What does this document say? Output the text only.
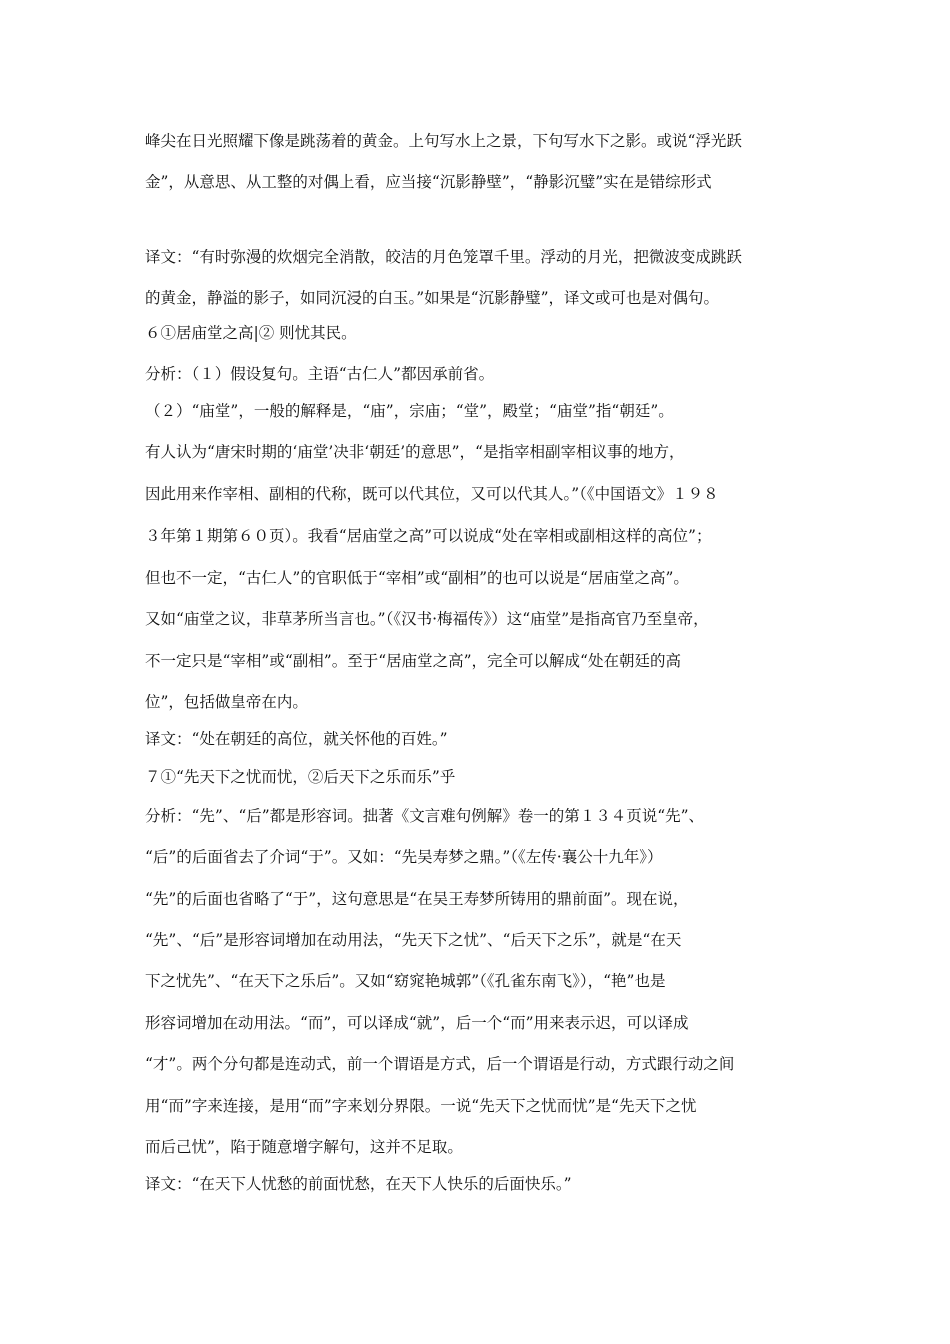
峰尖在日光照耀下像是跳荡着的黄金。上句写水上之景，下句写水下之影。或说“浮光跃

金”，从意思、从工整的对偶上看，应当接“沉影静壁”，“静影沉璧”实在是错综形式

译文：“有时弥漫的炊烟完全消散，皎洁的月色笼罩千里。浮动的月光，把微波变成跳跃

的黄金，静溢的影子，如同沉浸的白玉。”如果是“沉影静璧”，译文或可也是对偶句。

６①居庙堂之高|② 则忧其民。

分析：（１）假设复句。主语“古仁人”都因承前省。

（２）“庙堂”，一般的解释是，“庙”，宗庙；“堂”，殿堂；“庙堂”指“朝廷”。

有人认为“唐宋时期的‘庙堂’决非‘朝廷’的意思”，“是指宰相副宰相议事的地方，

因此用来作宰相、副相的代称，既可以代其位，又可以代其人。”（《中国语文》１９８

３年第１期第６０页）。我看“居庙堂之高”可以说成“处在宰相或副相这样的高位”；

但也不一定，“古仁人”的官职低于“宰相”或“副相”的也可以说是“居庙堂之高”。

又如“庙堂之议，非草茅所当言也。”（《汉书·梅福传》）这“庙堂”是指高官乃至皇帝，

不一定只是“宰相”或“副相”。至于“居庙堂之高”，完全可以解成“处在朝廷的高

位”，包括做皇帝在内。

译文：“处在朝廷的高位，就关怀他的百姓。”

７①“先天下之忧而忧，②后天下之乐而乐”乎

分析：“先”、“后”都是形容词。拙著《文言难句例解》卷一的第１３４页说“先”、

“后”的后面省去了介词“于”。又如：“先吴寿梦之鼎。”（《左传·襄公十九年》）

“先”的后面也省略了“于”，这句意思是“在吴王寿梦所铸用的鼎前面”。现在说，

“先”、“后”是形容词增加在动用法，“先天下之忧”、“后天下之乐”，就是“在天

下之忧先”、“在天下之乐后”。又如“窈窕艳城郭”（《孔雀东南飞》），“艳”也是

形容词增加在动用法。“而”，可以译成“就”，后一个“而”用来表示迟，可以译成

“才”。两个分句都是连动式，前一个谓语是方式，后一个谓语是行动，方式跟行动之间

用“而”字来连接，是用“而”字来划分界限。一说“先天下之忧而忧”是“先天下之忧

而后己忧”，陷于随意增字解句，这并不足取。

译文：“在天下人忧愁的前面忧愁，在天下人快乐的后面快乐。”
